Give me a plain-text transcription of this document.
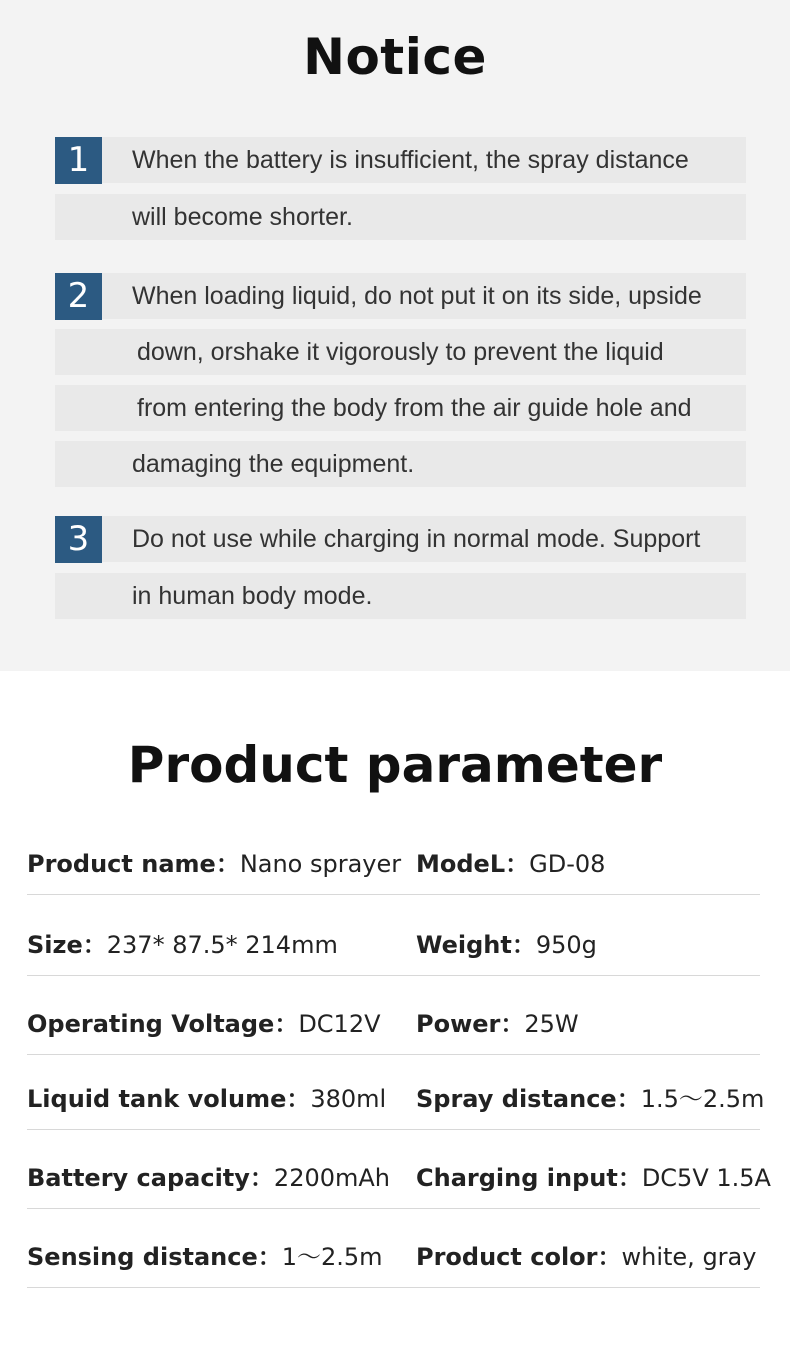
Notice
1	When the battery is insufficient, the spray distance
will become shorter.
2	When loading liquid, do not put it on its side, upside
down, orshake it vigorously to prevent the liquid
from entering the body from the air guide hole and
damaging the equipment.
3	Do not use while charging in normal mode. Support
in human body mode.
Product parameter
Product name：Nano sprayer ModeL：GD-08
Size：237* 87.5* 214mm	Weight：950g
Operating Voltage：DC12V Power：25W
Liquid tank volume：380ml Spray distance：1.5～2.5m
Battery capacity：2200mAh Charging input：DC5V 1.5A
Sensing distance：1～2.5m Product color：white, gray
